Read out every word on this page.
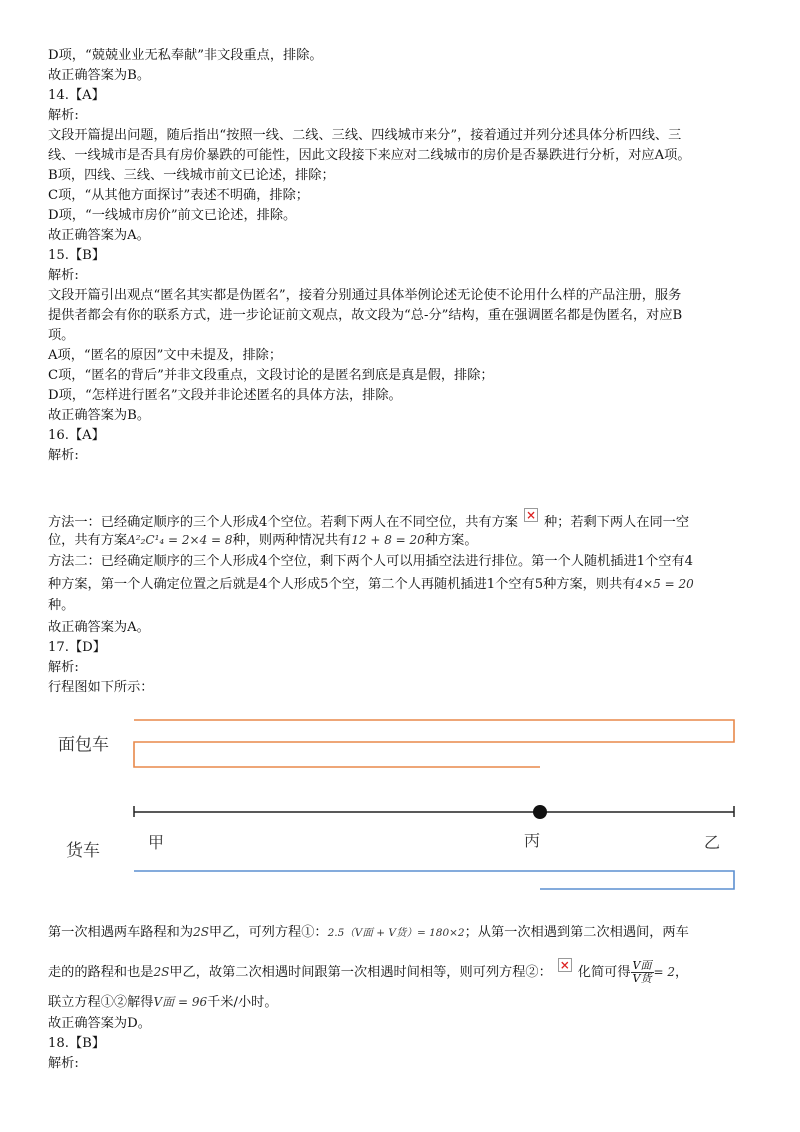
D项，“兢兢业业无私奉献”非文段重点，排除。
故正确答案为B。
14.【A】
解析:
文段开篇提出问题，随后指出“按照一线、二线、三线、四线城市来分”，接着通过并列分述具体分析四线、三
线、一线城市是否具有房价暴跌的可能性，因此文段接下来应对二线城市的房价是否暴跌进行分析，对应A项。
B项，四线、三线、一线城市前文已论述，排除；
C项，“从其他方面探讨”表述不明确，排除；
D项，“一线城市房价”前文已论述，排除。
故正确答案为A。
15.【B】
解析:
文段开篇引出观点“匿名其实都是伪匿名”，接着分别通过具体举例论述无论使不论用什么样的产品注册，服务
提供者都会有你的联系方式，进一步论证前文观点，故文段为“总-分”结构，重在强调匿名都是伪匿名，对应B
项。
A项，“匿名的原因”文中未提及，排除；
C项，“匿名的背后”并非文段重点，文段讨论的是匿名到底是真是假，排除；
D项，“怎样进行匿名”文段并非论述匿名的具体方法，排除。
故正确答案为B。
16.【A】
解析:
方法一：已经确定顺序的三个人形成4个空位。若剩下两人在不同空位，共有方案 × 种；若剩下两人在同一空
位，共有方案A²₂C¹₄ = 2×4 = 8种，则两种情况共有12 + 8 = 20种方案。
方法二：已经确定顺序的三个人形成4个空位，剩下两个人可以用插空法进行排位。第一个人随机插进1个空有4
种方案，第一个人确定位置之后就是4个人形成5个空，第二个人再随机插进1个空有5种方案，则共有4×5 = 20
种。
故正确答案为A。
17.【D】
解析:
行程图如下所示：
面包车
甲	丙	乙
货车
第一次相遇两车路程和为2S甲乙，可列方程①：2.5（V面 + V货）= 180×2；从第一次相遇到第二次相遇间，两车
走的的路程和也是2S甲乙，故第二次相遇时间跟第一次相遇时间相等，则可列方程②： × 化简可得 $\frac{\text{V面}}{\text{V货}} = 2$，
联立方程①②解得V面 = 96千米/小时。
故正确答案为D。
18.【B】
解析:
